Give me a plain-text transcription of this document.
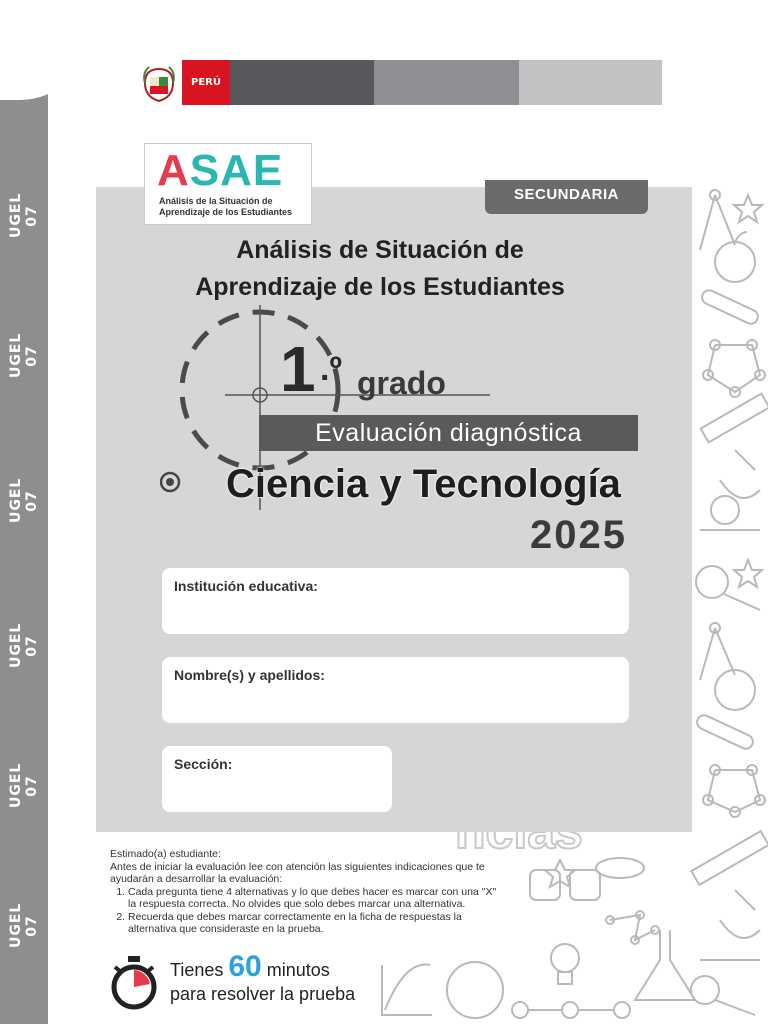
UGEL 07
UGEL 07
UGEL 07
UGEL 07
UGEL 07
UGEL 07
PERÚ
ASAE
Análisis de la Situación de
Aprendizaje de los Estudiantes
SECUNDARIA
Análisis de Situación de
Aprendizaje de los Estudiantes
1 .º grado
Evaluación diagnóstica
Ciencia y Tecnología
2025
Institución educativa:
Nombre(s) y apellidos:
Sección:

Estimado(a) estudiante:

Antes de iniciar la evaluación lee con atención las siguientes indicaciones que te ayudarán a desarrollar la evaluación:

1. Cada pregunta tiene 4 alternativas y lo que debes hacer es marcar con una "X" la respuesta correcta. No olvides que solo debes marcar una alternativa.
2. Recuerda que debes marcar correctamente en la ficha de respuestas la alternativa que consideraste en la prueba.
Tienes 60 minutos
para resolver la prueba
